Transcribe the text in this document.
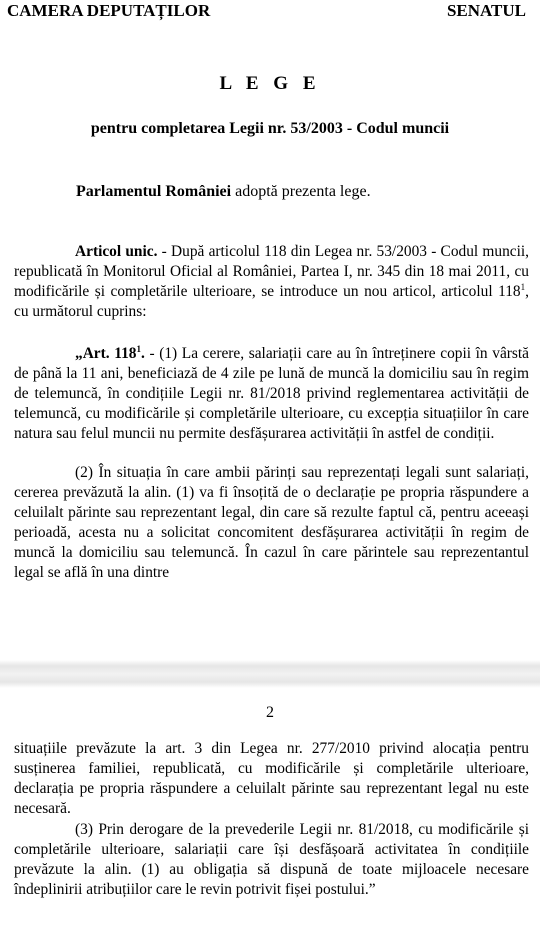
CAMERA DEPUTAȚILOR	SENATUL
L E G E
pentru completarea Legii nr. 53/2003 - Codul muncii
Parlamentul României adoptă prezenta lege.

Articol unic. - După articolul 118 din Legea nr. 53/2003 - Codul muncii, republicată în Monitorul Oficial al României, Partea I, nr. 345 din 18 mai 2011, cu modificările și completările ulterioare, se introduce un nou articol, articolul $118^1$, cu următorul cuprins:

„Art. $118^1$. - (1) La cerere, salariații care au în întreținere copii în vârstă de până la 11 ani, beneficiază de 4 zile pe lună de muncă la domiciliu sau în regim de telemuncă, în condițiile Legii nr. 81/2018 privind reglementarea activității de telemuncă, cu modificările și completările ulterioare, cu excepția situațiilor în care natura sau felul muncii nu permite desfășurarea activității în astfel de condiții.

(2) În situația în care ambii părinți sau reprezentați legali sunt salariați, cererea prevăzută la alin. (1) va fi însoțită de o declarație pe propria răspundere a celuilalt părinte sau reprezentant legal, din care să rezulte faptul că, pentru aceeași perioadă, acesta nu a solicitat concomitent desfășurarea activității în regim de muncă la domiciliu sau telemuncă. În cazul în care părintele sau reprezentantul legal se află în una dintre

2

situațiile prevăzute la art. 3 din Legea nr. 277/2010 privind alocația pentru susținerea familiei, republicată, cu modificările și completările ulterioare, declarația pe propria răspundere a celuilalt părinte sau reprezentant legal nu este necesară.

(3) Prin derogare de la prevederile Legii nr. 81/2018, cu modificările și completările ulterioare, salariații care își desfășoară activitatea în condițiile prevăzute la alin. (1) au obligația să dispună de toate mijloacele necesare îndeplinirii atribuțiilor care le revin potrivit fișei postului.”
